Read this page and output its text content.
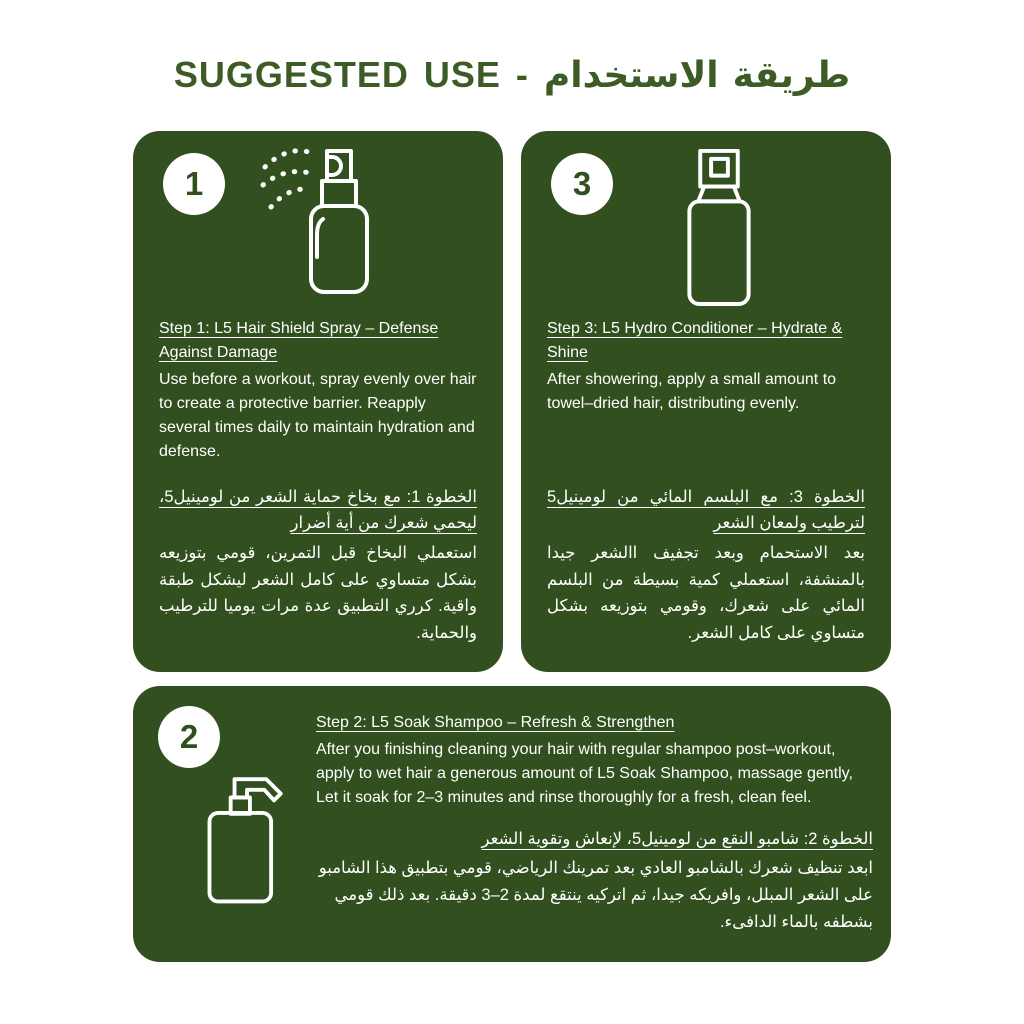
SUGGESTED USE - طريقة الاستخدام
1
Step 1: L5 Hair Shield Spray – Defense Against Damage
Use before a workout, spray evenly over hair to create a protective barrier. Reapply several times daily to maintain hydration and defense.
الخطوة 1: مع بخاخ حماية الشعر من لومينيل5، ليحمي شعرك من أية أضرار
استعملي البخاخ قبل التمرين، قومي بتوزيعه بشكل متساوي على كامل الشعر ليشكل طبقة واقية. كرري التطبيق عدة مرات يوميا للترطيب والحماية.
3
Step 3: L5 Hydro Conditioner – Hydrate & Shine
After showering, apply a small amount to towel–dried hair, distributing evenly.
الخطوة 3: مع البلسم المائي من لومينيل5 لترطيب ولمعان الشعر
بعد الاستحمام وبعد تجفيف االشعر جيدا بالمنشفة، استعملي كمية بسيطة من البلسم المائي على شعرك، وقومي بتوزيعه بشكل متساوي على كامل الشعر.
2	Step 2: L5 Soak Shampoo – Refresh & Strengthen
After you finishing cleaning your hair with regular shampoo post–workout, apply to wet hair a generous amount of L5 Soak Shampoo, massage gently, Let it soak for 2–3 minutes and rinse thoroughly for a fresh, clean feel.
الخطوة 2: شامبو النقع من لومينيل5، لإنعاش وتقوية الشعر
ابعد تنظيف شعرك بالشامبو العادي بعد تمرينك الرياضي، قومي بتطبيق هذا الشامبو على الشعر المبلل، وافريكه جيدا، ثم اتركيه ينتقع لمدة 2–3 دقيقة. بعد ذلك قومي بشطفه بالماء الدافىء.
